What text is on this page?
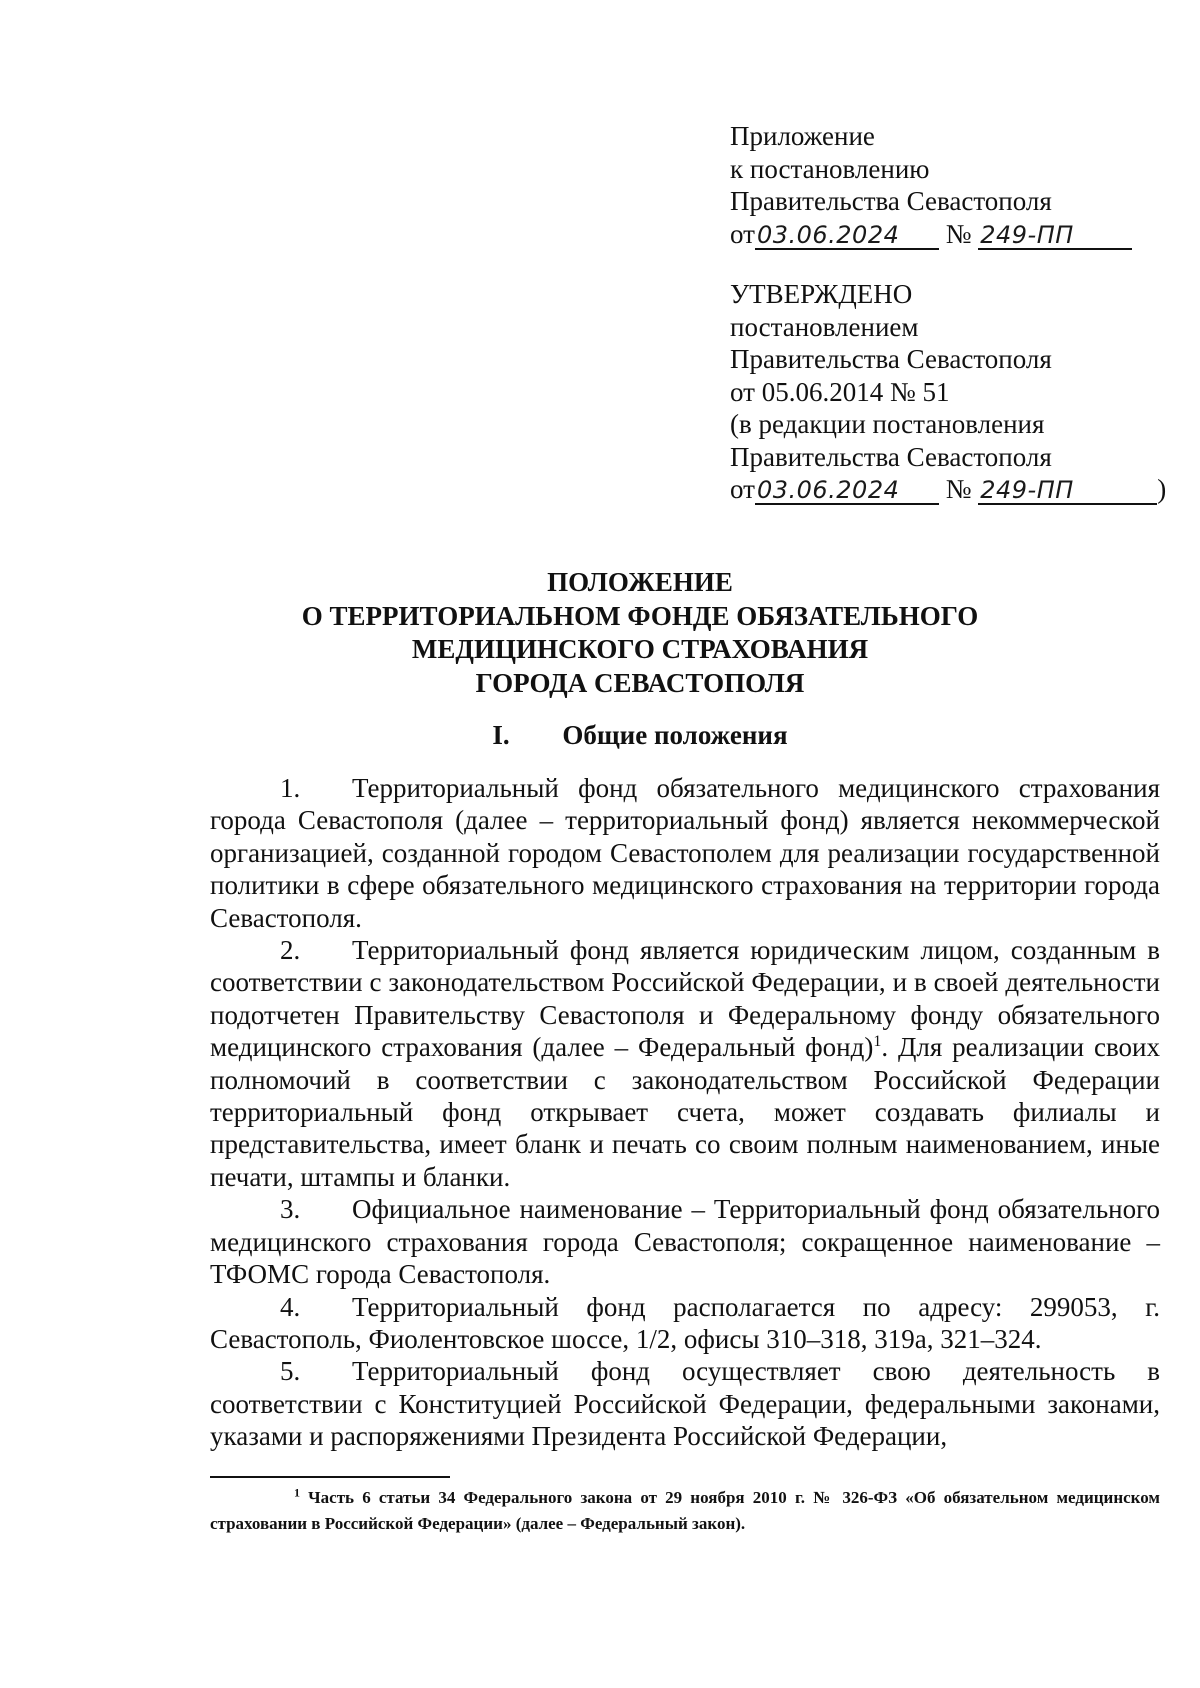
Приложение
к постановлению
Правительства Севастополя
от03.06.2024 № 249-ПП
УТВЕРЖДЕНО
постановлением
Правительства Севастополя
от 05.06.2014 № 51
(в редакции постановления
Правительства Севастополя
от03.06.2024 № 249-ПП	)
ПОЛОЖЕНИЕ
О ТЕРРИТОРИАЛЬНОМ ФОНДЕ ОБЯЗАТЕЛЬНОГО
МЕДИЦИНСКОГО СТРАХОВАНИЯ
ГОРОДА СЕВАСТОПОЛЯ
I. Общие положения

1. Территориальный фонд обязательного медицинского страхования города Севастополя (далее – территориальный фонд) является некоммерческой организацией, созданной городом Севастополем для реализации государственной политики в сфере обязательного медицинского страхования на территории города Севастополя.

2. Территориальный фонд является юридическим лицом, созданным в соответствии с законодательством Российской Федерации, и в своей деятельности подотчетен Правительству Севастополя и Федеральному фонду обязательного медицинского страхования (далее – Федеральный фонд)$^1$. Для реализации своих полномочий в соответствии с законодательством Российской Федерации территориальный фонд открывает счета, может создавать филиалы и представительства, имеет бланк и печать со своим полным наименованием, иные печати, штампы и бланки.

3. Официальное наименование – Территориальный фонд обязательного медицинского страхования города Севастополя; сокращенное наименование – ТФОМС города Севастополя.

4. Территориальный фонд располагается по адресу: 299053, г. Севастополь, Фиолентовское шоссе, 1/2, офисы 310–318, 319а, 321–324.

5. Территориальный фонд осуществляет свою деятельность в соответствии с Конституцией Российской Федерации, федеральными законами, указами и распоряжениями Президента Российской Федерации,

$^1$ Часть 6 статьи 34 Федерального закона от 29 ноября 2010 г. № 326-ФЗ «Об обязательном медицинском страховании в Российской Федерации» (далее – Федеральный закон).
